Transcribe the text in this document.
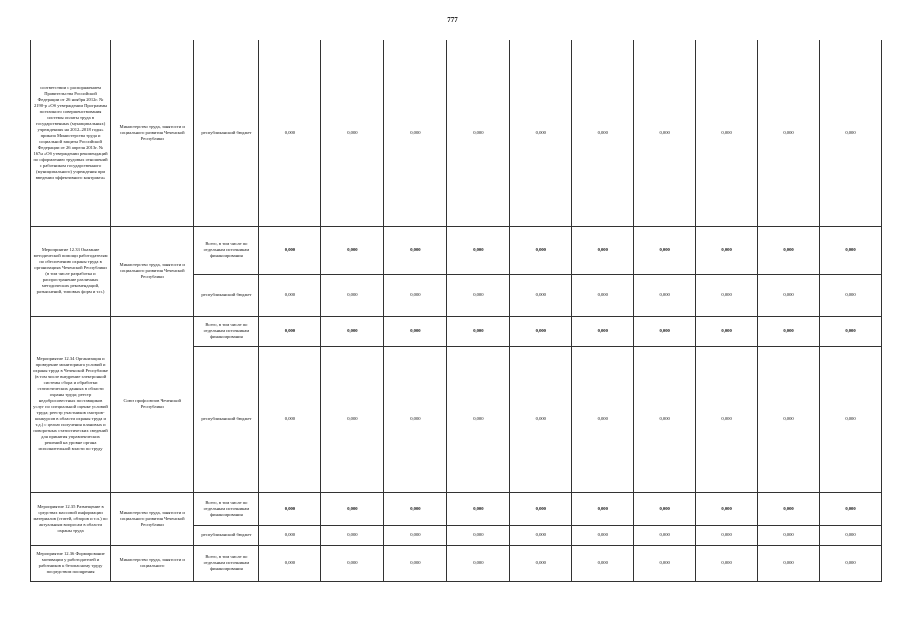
777
соответствии с распоряжением Правительства Российской Федерации от 26 ноября 2012г. № 2190-р «Об утверждении Программы поэтапного совершенствования системы оплаты труда в государственных (муниципальных) учреждениях на 2012–2018 годы» приказа Министерства труда и социальной защиты Российской Федерации от 26 апреля 2013г. № 167н «Об утверждении рекомендаций по оформлению трудовых отношений с работником государственного (муниципального) учреждения при введении эффективного контракта»	Министерство труда, занятости и социального развития Чеченской Республики	республиканский бюджет	0,000	0,000	0,000	0,000	0,000	0,000	0,000	0,000	0,000	0,000
Мероприятие 12.33 Оказание методической помощи работодателям по обеспечению охраны труда в организациях Чеченской Республики (в том числе разработка и распространение различных методических рекомендаций, разъяснений, типовых форм и т.п.)	Министерство труда, занятости и социального развития Чеченской Республики	Всего, в том числе по отдельным источникам финансирования	0,000	0,000	0,000	0,000	0,000	0,000	0,000	0,000	0,000	0,000
		республиканский бюджет	0,000	0,000	0,000	0,000	0,000	0,000	0,000	0,000	0,000	0,000
Мероприятие 12.34 Организация и проведение мониторинга условий и охраны труда в Чеченской Республике (в том числе внедрение электронной системы сбора и обработки статистических данных в области охраны труда; реестр недобросовестных поставщиков услуг по специальной оценке условий труда; реестр участников смотров-конкурсов в области охраны труда и т.д.) с целью получения плановых и поворотных статистических сведений для принятия управленческих решений на уровне органа исполнительной власти по труду	Союз профсоюзов Чеченской Республики	Всего, в том числе по отдельным источникам финансирования	0,000	0,000	0,000	0,000	0,000	0,000	0,000	0,000	0,000	0,000
		республиканский бюджет	0,000	0,000	0,000	0,000	0,000	0,000	0,000	0,000	0,000	0,000
Мероприятие 12.35 Размещение в средствах массовой информации материалов (статей, обзоров и т.п.) по актуальным вопросам в области охраны труда	Министерство труда, занятости и социального развития Чеченской Республики	Всего, в том числе по отдельным источникам финансирования	0,000	0,000	0,000	0,000	0,000	0,000	0,000	0,000	0,000	0,000
		республиканский бюджет	0,000	0,000	0,000	0,000	0,000	0,000	0,000	0,000	0,000	0,000
Мероприятие 12.36 Формирование мотивации у работодателей и работников к безопасному труду посредством поощрения	Министерство труда, занятости и социального	Всего, в том числе по отдельным источникам финансирования	0,000	0,000	0,000	0,000	0,000	0,000	0,000	0,000	0,000	0,000
